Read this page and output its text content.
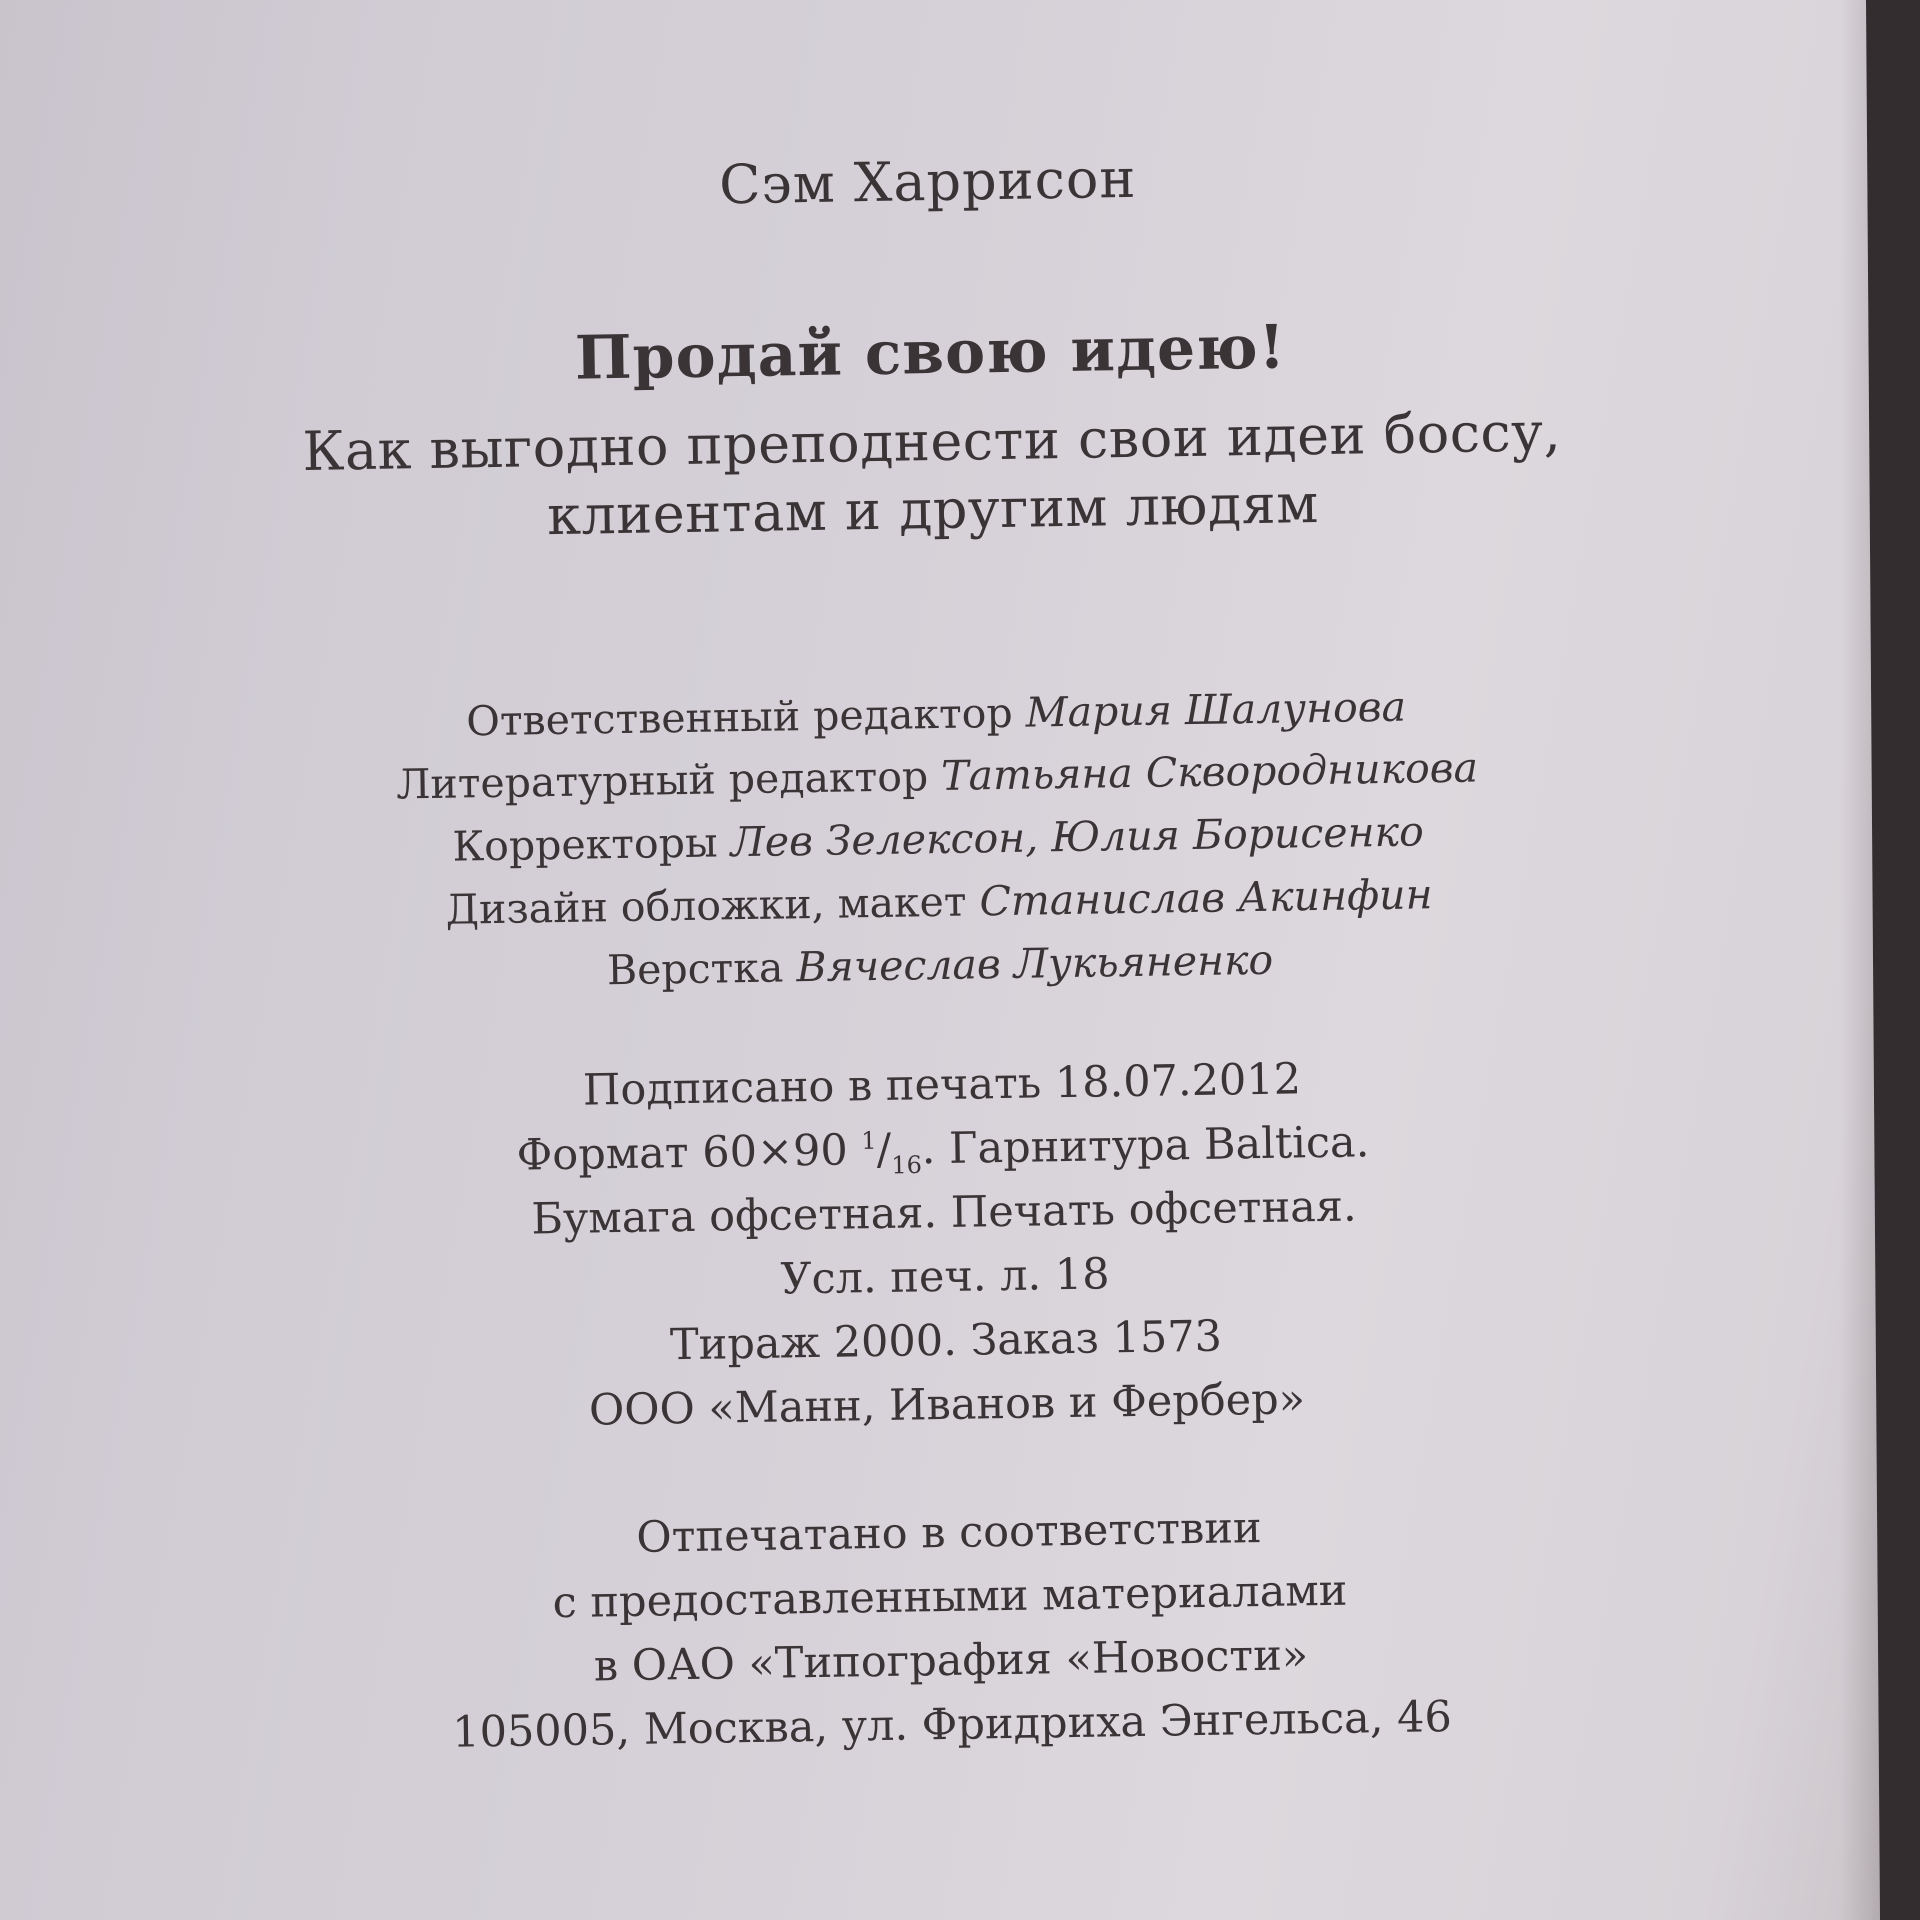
Сэм Харрисон
Продай свою идею!
Как выгодно преподнести свои идеи боссу,
клиентам и другим людям
Ответственный редактор Мария Шалунова
Литературный редактор Татьяна Сквородникова
Корректоры Лев Зелексон, Юлия Борисенко
Дизайн обложки, макет Станислав Акинфин
Верстка Вячеслав Лукьяненко
Подписано в печать 18.07.2012
Формат 60×90 $^1/_{16}$. Гарнитура Baltica.
Бумага офсетная. Печать офсетная.
Усл. печ. л. 18
Тираж 2000. Заказ 1573
ООО «Манн, Иванов и Фербер»
Отпечатано в соответствии
с предоставленными материалами
в ОАО «Типография «Новости»
105005, Москва, ул. Фридриха Энгельса, 46
